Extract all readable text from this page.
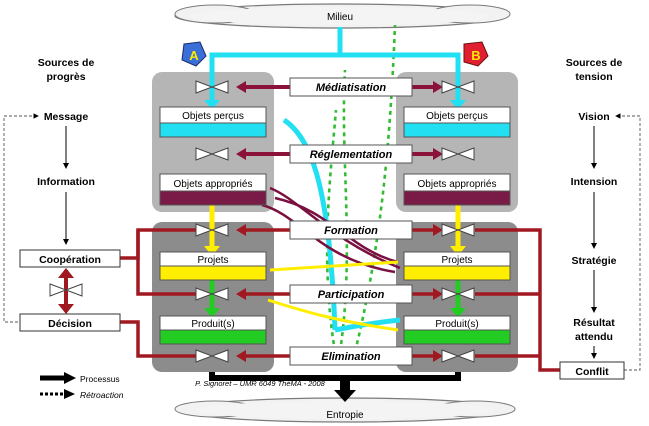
Milieu
Entropie
Objets perçus
Objets appropriés
Projets
Produit(s)
Objets perçus
Objets appropriés
Projets
Produit(s)
Médiatisation
Réglementation
Formation
Participation
Elimination
A	B
Sources de
progrès
Message
Information
Coopération
Décision
Sources de
tension
Vision
Intension
Stratégie
Résultat
attendu
Conflit
Processus
Rétroaction
P. Signoret – UMR 6049 ThéMA - 2008
